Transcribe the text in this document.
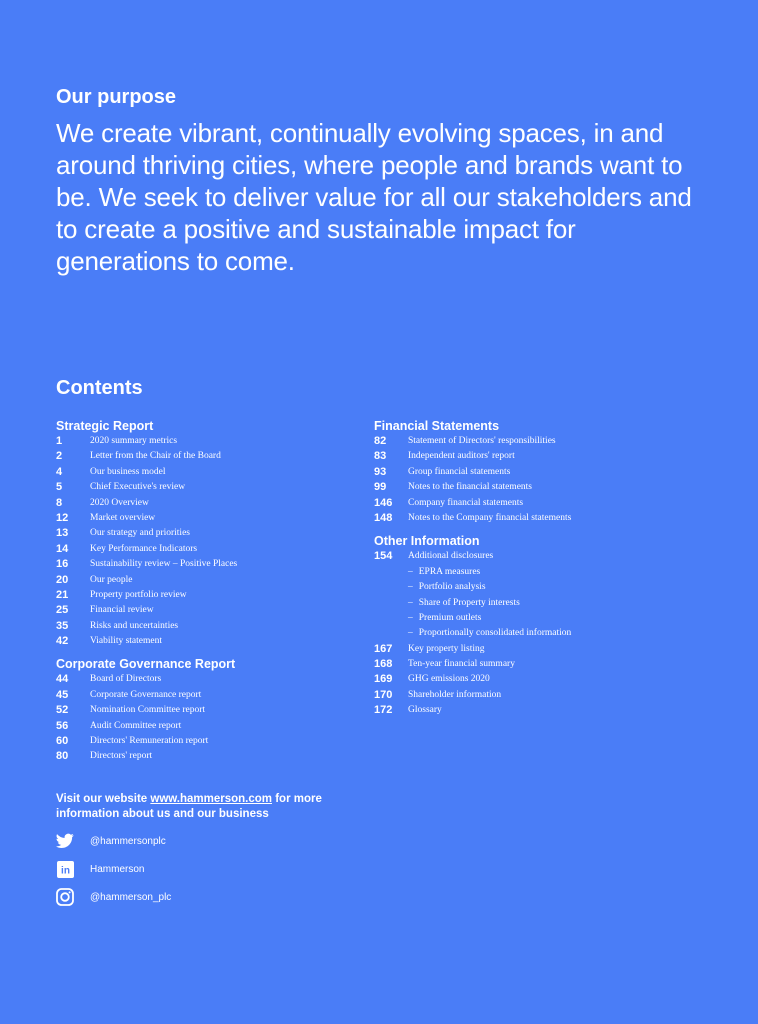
Our purpose

We create vibrant, continually evolving spaces, in and around thriving cities, where people and brands want to be. We seek to deliver value for all our stakeholders and to create a positive and sustainable impact for generations to come.

Contents
Strategic Report
1	2020 summary metrics
2	Letter from the Chair of the Board
4	Our business model
5	Chief Executive's review
8	2020 Overview
12	Market overview
13	Our strategy and priorities
14	Key Performance Indicators
16	Sustainability review – Positive Places
20	Our people
21	Property portfolio review
25	Financial review
35	Risks and uncertainties
42	Viability statement
Corporate Governance Report
44	Board of Directors
45	Corporate Governance report
52	Nomination Committee report
56	Audit Committee report
60	Directors' Remuneration report
80	Directors' report
Financial Statements
82	Statement of Directors' responsibilities
83	Independent auditors' report
93	Group financial statements
99	Notes to the financial statements
146	Company financial statements
148	Notes to the Company financial statements
Other Information
154	Additional disclosures
– EPRA measures
– Portfolio analysis
– Share of Property interests
– Premium outlets
– Proportionally consolidated information
167	Key property listing
168	Ten-year financial summary
169	GHG emissions 2020
170	Shareholder information
172	Glossary

Visit our website www.hammerson.com for more information about us and our business

@hammersonplc
in Hammerson
@hammerson_plc
